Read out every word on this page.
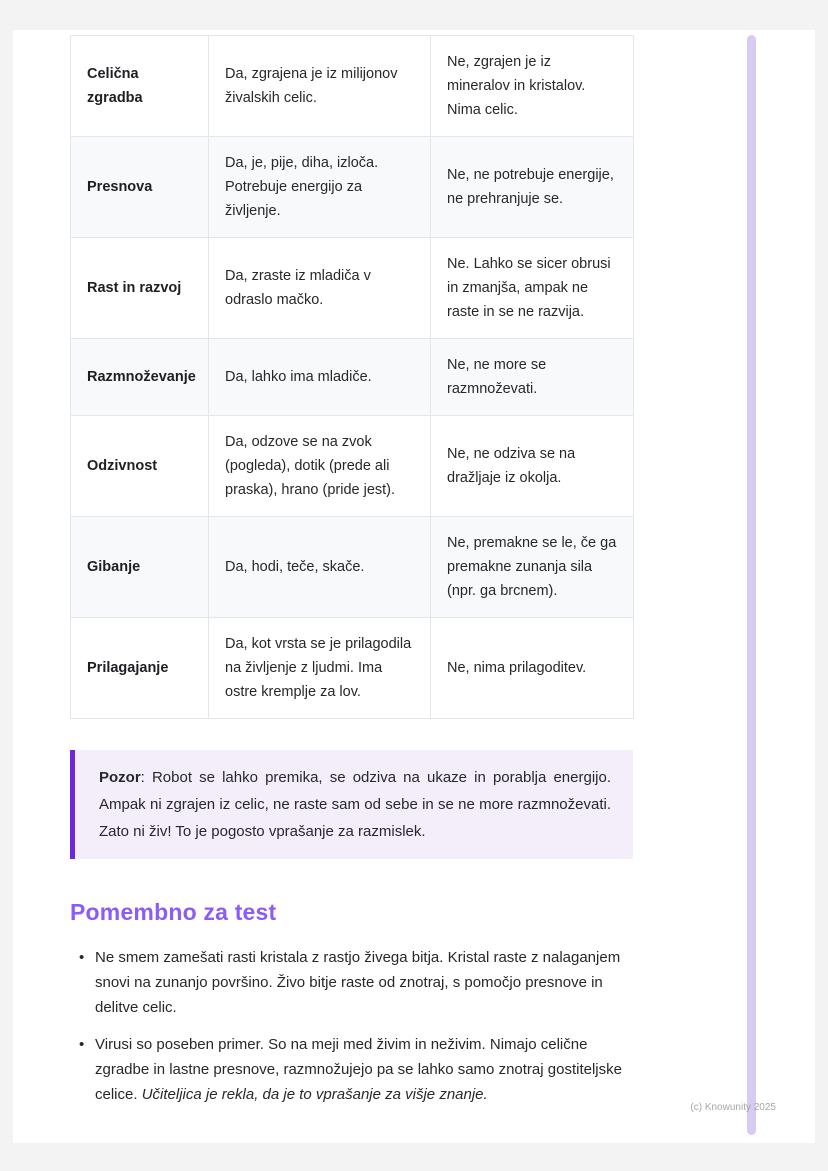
Celična zgradba	Da, zgrajena je iz milijonov živalskih celic.	Ne, zgrajen je iz mineralov in kristalov. Nima celic.
Presnova	Da, je, pije, diha, izloča. Potrebuje energijo za življenje.	Ne, ne potrebuje energije, ne prehranjuje se.
Rast in razvoj	Da, zraste iz mladiča v odraslo mačko.	Ne. Lahko se sicer obrusi in zmanjša, ampak ne raste in se ne razvija.
Razmnoževanje	Da, lahko ima mladiče.	Ne, ne more se razmnoževati.
Odzivnost	Da, odzove se na zvok (pogleda), dotik (prede ali praska), hrano (pride jest).	Ne, ne odziva se na dražljaje iz okolja.
Gibanje	Da, hodi, teče, skače.	Ne, premakne se le, če ga premakne zunanja sila (npr. ga brcnem).
Prilagajanje	Da, kot vrsta se je prilagodila na življenje z ljudmi. Ima ostre kremplje za lov.	Ne, nima prilagoditev.
Pozor: Robot se lahko premika, se odziva na ukaze in porablja energijo. Ampak ni zgrajen iz celic, ne raste sam od sebe in se ne more razmnoževati. Zato ni živ! To je pogosto vprašanje za razmislek.
Pomembno za test
• Ne smem zamešati rasti kristala z rastjo živega bitja. Kristal raste z nalaganjem snovi na zunanjo površino. Živo bitje raste od znotraj, s pomočjo presnove in delitve celic.
• Virusi so poseben primer. So na meji med živim in neživim. Nimajo celične zgradbe in lastne presnove, razmnožujejo pa se lahko samo znotraj gostiteljske celice. Učiteljica je rekla, da je to vprašanje za višje znanje.
(c) Knowunity 2025
